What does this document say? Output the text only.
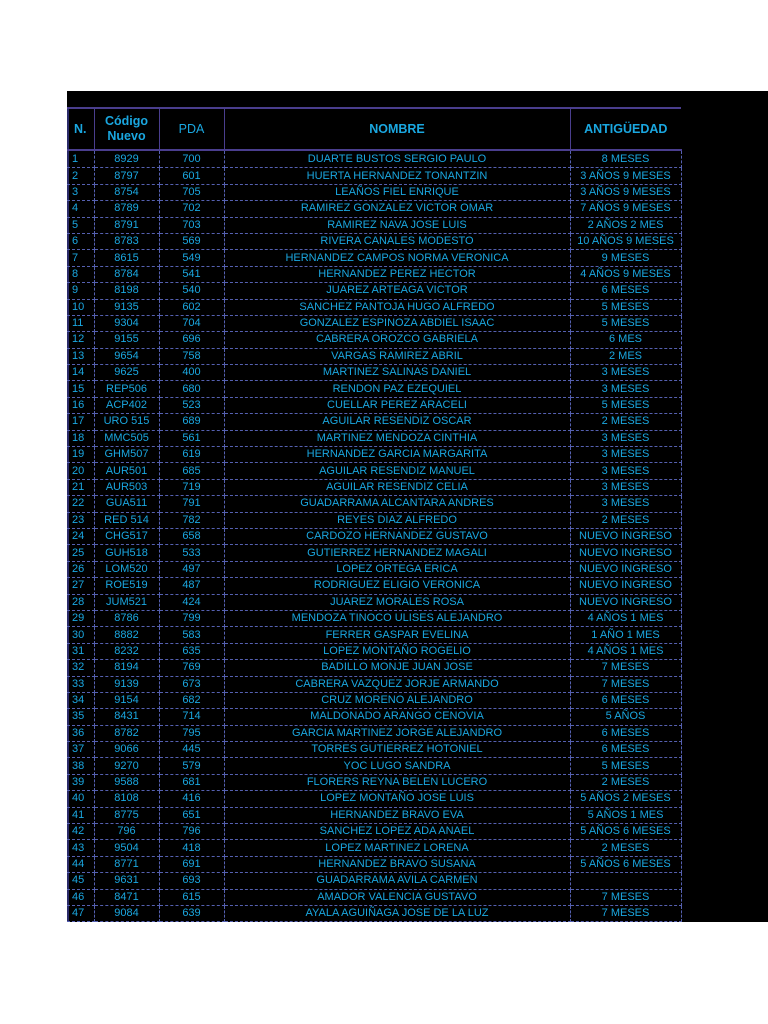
N.	Código Nuevo	PDA	NOMBRE	ANTIGÜEDAD
1	8929	700	DUARTE BUSTOS SERGIO PAULO	8 MESES
2	8797	601	HUERTA HERNANDEZ TONANTZIN	3 AÑOS 9 MESES
3	8754	705	LEAÑOS FIEL ENRIQUE	3 AÑOS 9 MESES
4	8789	702	RAMIREZ GONZALEZ VICTOR OMAR	7 AÑOS 9 MESES
5	8791	703	RAMIREZ NAVA JOSE LUIS	2 AÑOS 2 MES
6	8783	569	RIVERA CANALES MODESTO	10 AÑOS 9 MESES
7	8615	549	HERNANDEZ CAMPOS NORMA VERONICA	9 MESES
8	8784	541	HERNANDEZ PEREZ HECTOR	4 AÑOS 9 MESES
9	8198	540	JUAREZ ARTEAGA VICTOR	6 MESES
10	9135	602	SANCHEZ PANTOJA HUGO ALFREDO	5 MESES
11	9304	704	GONZALEZ ESPINOZA ABDIEL ISAAC	5 MESES
12	9155	696	CABRERA OROZCO GABRIELA	6 MES
13	9654	758	VARGAS RAMIREZ ABRIL	2 MES
14	9625	400	MARTINEZ SALINAS DANIEL	3 MESES
15	REP506	680	RENDON PAZ EZEQUIEL	3 MESES
16	ACP402	523	CUELLAR PEREZ ARACELI	5 MESES
17	URO 515	689	AGUILAR RESENDIZ OSCAR	2 MESES
18	MMC505	561	MARTINEZ MENDOZA CINTHIA	3 MESES
19	GHM507	619	HERNANDEZ GARCIA MARGARITA	3 MESES
20	AUR501	685	AGUILAR RESENDIZ MANUEL	3 MESES
21	AUR503	719	AGUILAR RESENDIZ CELIA	3 MESES
22	GUA511	791	GUADARRAMA ALCANTARA ANDRES	3 MESES
23	RED 514	782	REYES DIAZ ALFREDO	2 MESES
24	CHG517	658	CARDOZO HERNANDEZ GUSTAVO	NUEVO INGRESO
25	GUH518	533	GUTIERREZ HERNANDEZ MAGALI	NUEVO INGRESO
26	LOM520	497	LOPEZ ORTEGA ERICA	NUEVO INGRESO
27	ROE519	487	RODRIGUEZ ELIGIO VERONICA	NUEVO INGRESO
28	JUM521	424	JUAREZ MORALES ROSA	NUEVO INGRESO
29	8786	799	MENDOZA TINOCO ULISES ALEJANDRO	4 AÑOS 1 MES
30	8882	583	FERRER GASPAR EVELINA	1 AÑO 1 MES
31	8232	635	LOPEZ MONTAÑO ROGELIO	4 AÑOS 1 MES
32	8194	769	BADILLO MONJE JUAN JOSE	7 MESES
33	9139	673	CABRERA VAZQUEZ JORJE ARMANDO	7 MESES
34	9154	682	CRUZ MORENO ALEJANDRO	6 MESES
35	8431	714	MALDONADO ARANGO CENOVIA	5 AÑOS
36	8782	795	GARCIA MARTINEZ JORGE ALEJANDRO	6 MESES
37	9066	445	TORRES GUTIERREZ HOTONIEL	6 MESES
38	9270	579	YOC LUGO SANDRA	5 MESES
39	9588	681	FLORERS REYNA BELEN LUCERO	2 MESES
40	8108	416	LOPEZ MONTAÑO JOSE LUIS	5 AÑOS 2 MESES
41	8775	651	HERNANDEZ BRAVO EVA	5 AÑOS 1 MES
42	796	796	SANCHEZ LOPEZ ADA ANAEL	5 AÑOS 6 MESES
43	9504	418	LOPEZ MARTINEZ LORENA	2 MESES
44	8771	691	HERNANDEZ BRAVO SUSANA	5 AÑOS 6 MESES
45	9631	693	GUADARRAMA AVILA CARMEN	
46	8471	615	AMADOR VALENCIA GUSTAVO	7 MESES
47	9084	639	AYALA AGUIÑAGA JOSE DE LA LUZ	7 MESES
